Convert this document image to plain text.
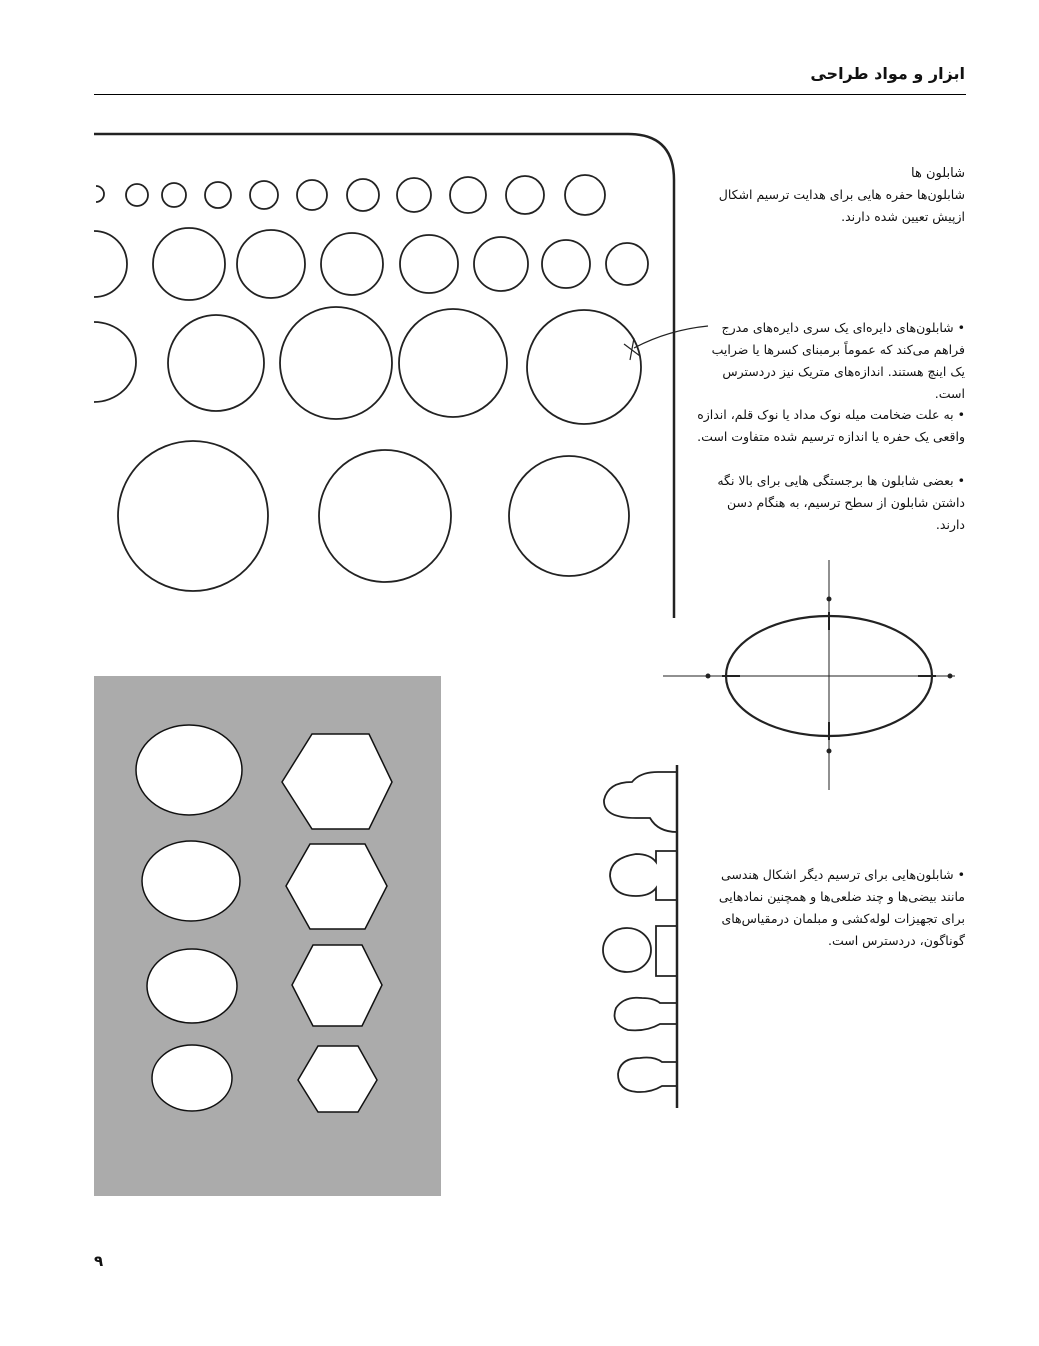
ابزار و مواد طراحی
شابلون ها
شابلون‌ها حفره هایی برای هدایت ترسیم اشکال ازپیش تعیین شده دارند.
• شابلون‌های دایره‌ای یک سری دایره‌های مدرج فراهم می‌کند که عموماً برمبنای کسرها یا ضرایب یک اینچ هستند. اندازه‌های متریک نیز دردسترس است.
• به علت ضخامت میله نوک مداد یا نوک قلم، اندازه واقعی یک حفره یا اندازه ترسیم شده متفاوت است.
• بعضی شابلون ها برجستگی هایی برای بالا نگه داشتن شابلون از سطح ترسیم، به هنگام دسن دارند.
• شابلون‌هایی برای ترسیم دیگر اشکال هندسی مانند بیضی‌ها و چند ضلعی‌ها و همچنین نمادهایی برای تجهیزات لوله‌کشی و مبلمان درمقیاس‌های گوناگون، دردسترس است.
۹
